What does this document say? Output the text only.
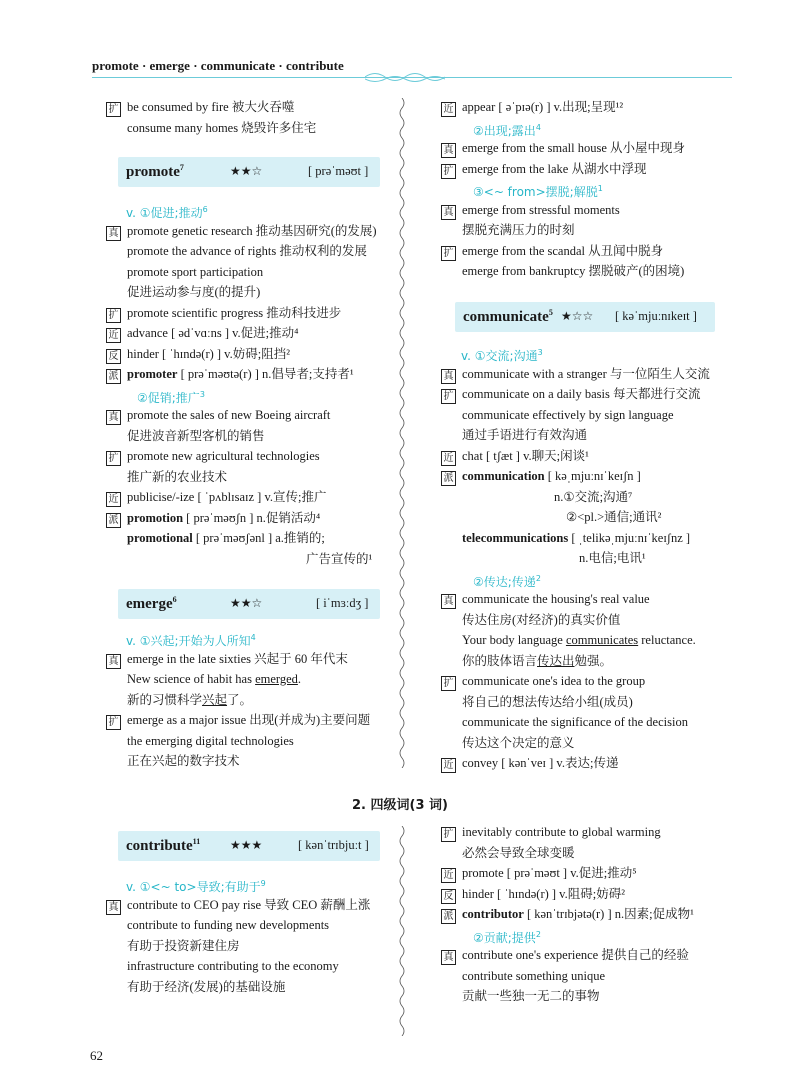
promote · emerge · communicate · contribute
扩 be consumed by fire 被大火吞噬
consume many homes 烧毁许多住宅
promote$^7$	★★☆	[ prəˈməʊt ]
v. ①促进;推动$^6$
真 promote genetic research 推动基因研究(的发展)
promote the advance of rights 推动权利的发展
promote sport participation
促进运动参与度(的提升)
扩 promote scientific progress 推动科技进步
近 advance [ ədˈvɑːns ] v.促进;推动⁴
反 hinder [ ˈhɪndə(r) ] v.妨碍;阻挡²
派 promoter [ prəˈməʊtə(r) ] n.倡导者;支持者¹
②促销;推广$^3$
真 promote the sales of new Boeing aircraft
促进波音新型客机的销售
扩 promote new agricultural technologies
推广新的农业技术
近 publicise/-ize [ ˈpʌblɪsaɪz ] v.宣传;推广
派 promotion [ prəˈməʊʃn ] n.促销活动⁴
promotional [ prəˈməʊʃənl ] a.推销的;
广告宣传的¹
emerge$^6$	★★☆	[ iˈmɜːdʒ ]
v. ①兴起;开始为人所知$^4$
真 emerge in the late sixties 兴起于 60 年代末
New science of habit has emerged.
新的习惯科学兴起了。
扩 emerge as a major issue 出现(并成为)主要问题
the emerging digital technologies
正在兴起的数字技术
contribute$^{11}$ ★★★	[ kənˈtrɪbjuːt ]
v. ①<~ to>导致;有助于$^9$
真 contribute to CEO pay rise 导致 CEO 薪酬上涨
contribute to funding new developments
有助于投资新建住房
infrastructure contributing to the economy
有助于经济(发展)的基础设施
近 appear [ əˈpɪə(r) ] v.出现;呈现¹²
②出现;露出$^4$
真 emerge from the small house 从小屋中现身
扩 emerge from the lake 从湖水中浮现
③<~ from>摆脱;解脱$^1$
真 emerge from stressful moments
摆脱充满压力的时刻
扩 emerge from the scandal 从丑闻中脱身
emerge from bankruptcy 摆脱破产(的困境)
communicate$^5$ ★☆☆ [ kəˈmjuːnɪkeɪt ]
v. ①交流;沟通$^3$
真 communicate with a stranger 与一位陌生人交流
扩 communicate on a daily basis 每天都进行交流
communicate effectively by sign language
通过手语进行有效沟通
近 chat [ tʃæt ] v.聊天;闲谈¹
派 communication [ kəˌmjuːnɪˈkeɪʃn ]
n.①交流;沟通⁷
②<pl.>通信;通讯²
telecommunications [ ˌtelikəˌmjuːnɪˈkeɪʃnz ]
n.电信;电讯¹
②传达;传递$^2$
真 communicate the housing's real value
传达住房(对经济)的真实价值
Your body language communicates reluctance.
你的肢体语言传达出勉强。
扩 communicate one's idea to the group
将自己的想法传达给小组(成员)
communicate the significance of the decision
传达这个决定的意义
近 convey [ kənˈveɪ ] v.表达;传递
扩 inevitably contribute to global warming
必然会导致全球变暖
近 promote [ prəˈməʊt ] v.促进;推动⁵
反 hinder [ ˈhɪndə(r) ] v.阻碍;妨碍²
派 contributor [ kənˈtrɪbjətə(r) ] n.因素;促成物¹
②贡献;提供$^2$
真 contribute one's experience 提供自己的经验
contribute something unique
贡献一些独一无二的事物
2. 四级词(3 词)
62
